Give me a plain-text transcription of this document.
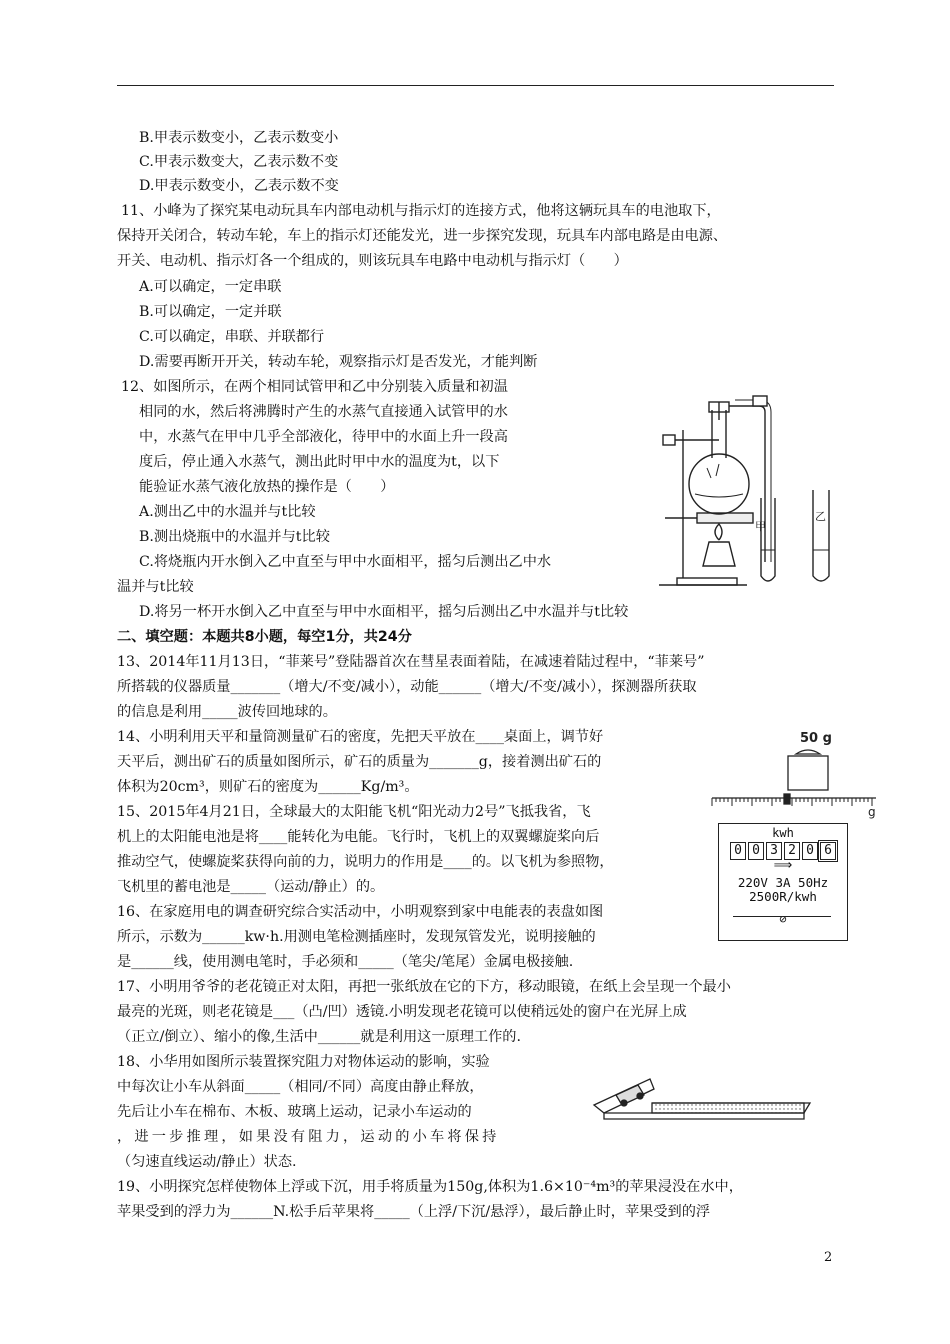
B.甲表示数变小，乙表示数变小
C.甲表示数变大，乙表示数不变
D.甲表示数变小，乙表示数不变
11、小峰为了探究某电动玩具车内部电动机与指示灯的连接方式，他将这辆玩具车的电池取下，
保持开关闭合，转动车轮，车上的指示灯还能发光，进一步探究发现，玩具车内部电路是由电源、
开关、电动机、指示灯各一个组成的，则该玩具车电路中电动机与指示灯（　　）
A.可以确定，一定串联
B.可以确定，一定并联
C.可以确定，串联、并联都行
D.需要再断开开关，转动车轮，观察指示灯是否发光，才能判断
12、如图所示，在两个相同试管甲和乙中分别装入质量和初温
相同的水，然后将沸腾时产生的水蒸气直接通入试管甲的水
中，水蒸气在甲中几乎全部液化，待甲中的水面上升一段高
度后，停止通入水蒸气，测出此时甲中水的温度为t，以下
能验证水蒸气液化放热的操作是（　　）
A.测出乙中的水温并与t比较
B.测出烧瓶中的水温并与t比较
C.将烧瓶内开水倒入乙中直至与甲中水面相平，摇匀后测出乙中水
温并与t比较
D.将另一杯开水倒入乙中直至与甲中水面相平，摇匀后测出乙中水温并与t比较
二、填空题：本题共8小题，每空1分，共24分
13、2014年11月13日，“菲莱号”登陆器首次在彗星表面着陆，在减速着陆过程中，“菲莱号”
所搭载的仪器质量_______（增大/不变/减小），动能______（增大/不变/减小），探测器所获取
的信息是利用_____波传回地球的。
14、小明利用天平和量筒测量矿石的密度，先把天平放在____桌面上，调节好
天平后，测出矿石的质量如图所示，矿石的质量为_______g，接着测出矿石的
体积为20cm³，则矿石的密度为______Kg/m³。
15、2015年4月21日，全球最大的太阳能飞机“阳光动力2号”飞抵我省，飞
机上的太阳能电池是将____能转化为电能。飞行时，飞机上的双翼螺旋桨向后
推动空气，使螺旋桨获得向前的力，说明力的作用是____的。以飞机为参照物，
飞机里的蓄电池是_____（运动/静止）的。
16、在家庭用电的调查研究综合实活动中，小明观察到家中电能表的表盘如图
所示，示数为______kw·h.用测电笔检测插座时，发现氖管发光，说明接触的
是______线，使用测电笔时，手必须和_____（笔尖/笔尾）金属电极接触.
17、小明用爷爷的老花镜正对太阳，再把一张纸放在它的下方，移动眼镜，在纸上会呈现一个最小
最亮的光斑，则老花镜是___（凸/凹）透镜.小明发现老花镜可以使稍远处的窗户在光屏上成
（正立/倒立）、缩小的像,生活中______就是利用这一原理工作的.
18、小华用如图所示装置探究阻力对物体运动的影响，实验
中每次让小车从斜面_____（相同/不同）高度由静止释放，
先后让小车在棉布、木板、玻璃上运动，记录小车运动的
，进一步推理，如果没有阻力，运动的小车将保持
（匀速直线运动/静止）状态.
19、小明探究怎样使物体上浮或下沉，用手将质量为150g,体积为1.6×10⁻⁴m³的苹果浸没在水中，
苹果受到的浮力为______N.松手后苹果将_____（上浮/下沉/悬浮），最后静止时，苹果受到的浮
甲
乙
50 g
g
kwh
0 0 3 2 0 6
⟹
220V 3A 50Hz
2500R/kwh
⊘
2
